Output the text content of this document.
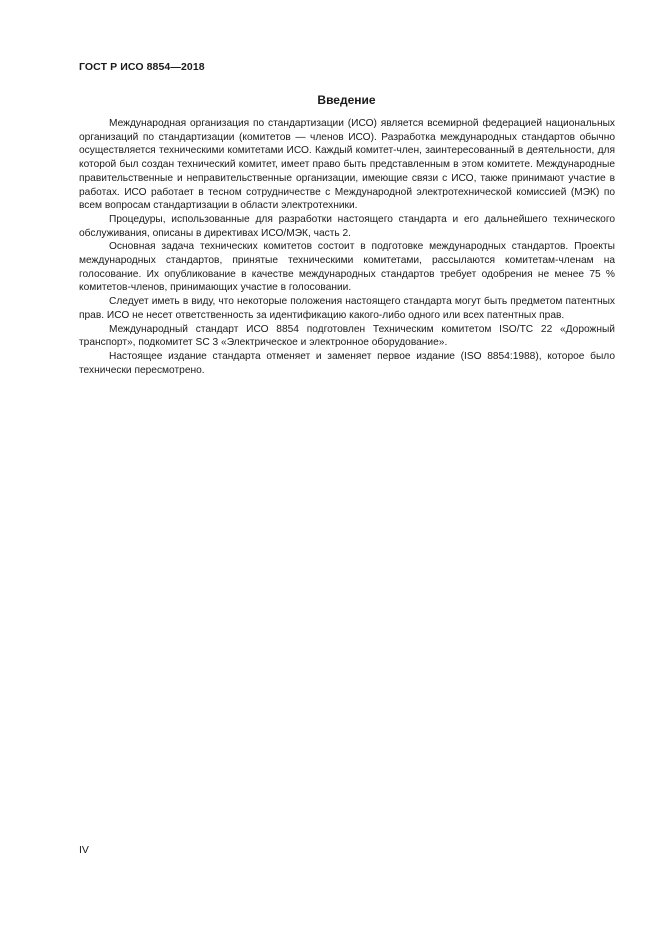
ГОСТ Р ИСО 8854—2018
Введение

Международная организация по стандартизации (ИСО) является всемирной федерацией национальных организаций по стандартизации (комитетов — членов ИСО). Разработка международных стандартов обычно осуществляется техническими комитетами ИСО. Каждый комитет-член, заинтересованный в деятельности, для которой был создан технический комитет, имеет право быть представленным в этом комитете. Международные правительственные и неправительственные организации, имеющие связи с ИСО, также принимают участие в работах. ИСО работает в тесном сотрудничестве с Международной электротехнической комиссией (МЭК) по всем вопросам стандартизации в области электротехники.

Процедуры, использованные для разработки настоящего стандарта и его дальнейшего технического обслуживания, описаны в директивах ИСО/МЭК, часть 2.

Основная задача технических комитетов состоит в подготовке международных стандартов. Проекты международных стандартов, принятые техническими комитетами, рассылаются комитетам-членам на голосование. Их опубликование в качестве международных стандартов требует одобрения не менее 75 % комитетов-членов, принимающих участие в голосовании.

Следует иметь в виду, что некоторые положения настоящего стандарта могут быть предметом патентных прав. ИСО не несет ответственность за идентификацию какого-либо одного или всех патентных прав.

Международный стандарт ИСО 8854 подготовлен Техническим комитетом ISO/TC 22 «Дорожный транспорт», подкомитет SC 3 «Электрическое и электронное оборудование».

Настоящее издание стандарта отменяет и заменяет первое издание (ISO 8854:1988), которое было технически пересмотрено.

IV
